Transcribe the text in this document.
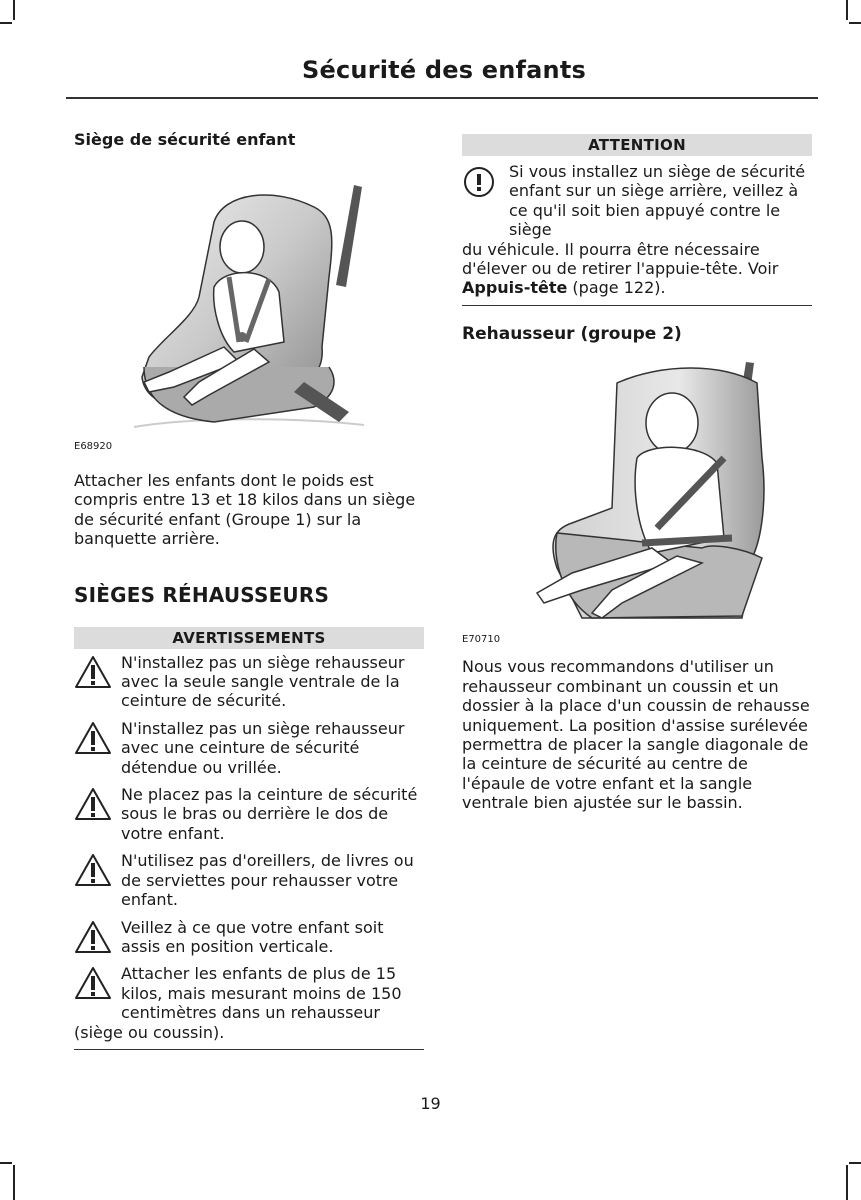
Sécurité des enfants
Siège de sécurité enfant
E68920

Attacher les enfants dont le poids est compris entre 13 et 18 kilos dans un siège de sécurité enfant (Groupe 1) sur la banquette arrière.

SIÈGES RÉHAUSSEURS
AVERTISSEMENTS
N'installez pas un siège rehausseur avec la seule sangle ventrale de la ceinture de sécurité.
N'installez pas un siège rehausseur avec une ceinture de sécurité détendue ou vrillée.
Ne placez pas la ceinture de sécurité sous le bras ou derrière le dos de votre enfant.
N'utilisez pas d'oreillers, de livres ou de serviettes pour rehausser votre enfant.
Veillez à ce que votre enfant soit assis en position verticale.
Attacher les enfants de plus de 15 kilos, mais mesurant moins de 150 centimètres dans un rehausseur
(siège ou coussin).
ATTENTION
Si vous installez un siège de sécurité enfant sur un siège arrière, veillez à ce qu'il soit bien appuyé contre le siège
du véhicule. Il pourra être nécessaire d'élever ou de retirer l'appuie-tête. Voir Appuis-tête (page 122).
Rehausseur (groupe 2)
E70710

Nous vous recommandons d'utiliser un rehausseur combinant un coussin et un dossier à la place d'un coussin de rehausse uniquement. La position d'assise surélevée permettra de placer la sangle diagonale de la ceinture de sécurité au centre de l'épaule de votre enfant et la sangle ventrale bien ajustée sur le bassin.

19
